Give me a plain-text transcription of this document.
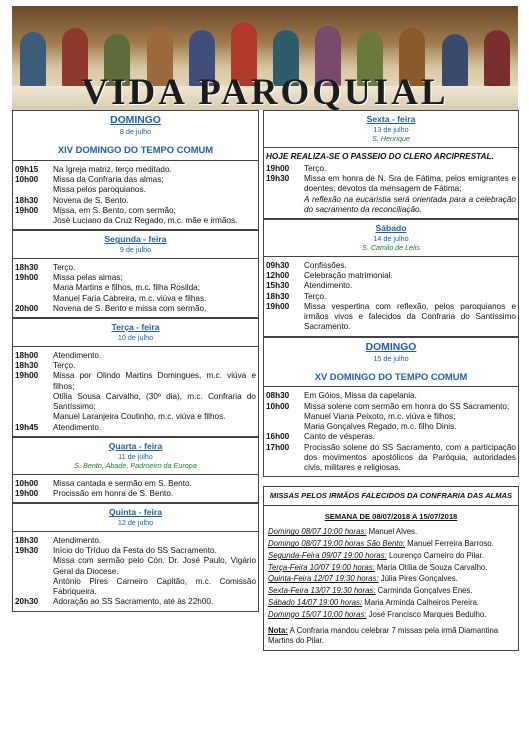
VIDA PAROQUIAL
DOMINGO
8 de julho
XIV DOMINGO DO TEMPO COMUM
09h15	Na Igreja matriz, terço meditado.
10h00	Missa da Confraria das almas;
Missa pelos paroquianos.
18h30	Novena de S. Bento.
19h00	Missa, em S. Bento, com sermão;
José Luciano da Cruz Regado, m.c. mãe e irmãos.
Segunda - feira
9 de julho
18h30	Terço.
19h00	Missa pelas almas;
Maria Martins e filhos, m.c. filha Rosilda;
Manuel Faria Cabreira, m.c. viúva e filhas.
20h00	Novena de S. Bento e missa com sermão.
Terça - feira
10 de julho
18h00	Atendimento.
18h30	Terço.
19h00	Missa por Olindo Martins Domingues, m.c. viúva e filhos;
Otília Sousa Carvalho, (30º dia), m.c. Confraria do Santíssimo;
Manuel Laranjeira Coutinho, m.c. viúva e filhos.
19h45	Atendimento.
Quarta - feira
11 de julho
S. Bento, Abade, Padroeiro da Europa
10h00	Missa cantada e sermão em S. Bento.
19h00	Procissão em honra de S. Bento.
Quinta - feira
12 de julho
18h30	Atendimento.
19h30	Início do Tríduo da Festa do SS Sacramento.
Missa com sermão pelo Cón. Dr. José Paulo, Vigário Geral da Diocese.
António Pires Carneiro Capitão, m.c. Comissão Fabriqueira.
20h30	Adoração ao SS Sacramento, até às 22h00.
Sexta - feira
13 de julho
S. Henrique
HOJE REALIZA-SE O PASSEIO DO CLERO ARCIPRESTAL.
19h00	Terço.
19h30	Missa em honra de N. Sra de Fátima, pelos emigrantes e doentes; devotos da mensagem de Fátima;
A reflexão na eucaristia será orientada para a celebração do sacramento da reconciliação.
Sábado
14 de julho
S. Camilo de Lelis
09h30	Confissões.
12h00	Celebração matrimonial.
15h30	Atendimento.
18h30	Terço.
19h00	Missa vespertina com reflexão, pelos paroquianos e irmãos vivos e falecidos da Confraria do Santíssimo Sacramento.
DOMINGO
15 de julho
XV DOMINGO DO TEMPO COMUM
08h30	Em Góios, Missa da capelania.
10h00	Missa solene com sermão em honra do SS Sacramento;
Manuel Viana Peixoto, m.c. viúva e filhos;
Maria Gonçalves Regado, m.c. filho Dinis.
16h00	Canto de vésperas.
17h00	Procissão solene do SS Sacramento, com a participação dos movimentos apostólicos da Paróquia, autoridades civis, militares e religiosas.
MISSAS PELOS IRMÃOS FALECIDOS DA CONFRARIA DAS ALMAS
SEMANA DE 08/07/2018 A 15/07/2018
Domingo 08/07 10:00 horas: Manuel Alves.
Domingo 08/07 19:00 horas São Bento: Manuel Ferreira Barroso.
Segunda-Feira 09/07 19:00 horas: Lourenço Carneiro do Pilar.
Terça-Feira 10/07 19:00 horas: Maria Otília de Souza Carvalho.
Quinta-Feira 12/07 19:30 horas: Júlia Pires Gonçalves.
Sexta-Feira 13/07 19:30 horas: Carminda Gonçalves Enes.
Sábado 14/07 19:00 horas: Maria Arminda Calheiros Pereira.
Domingo 15/07 10:00 horas: José Francisco Marques Bedulho.
Nota: A Confraria mandou celebrar 7 missas pela irmã Diamantina Martins do Pilar.
